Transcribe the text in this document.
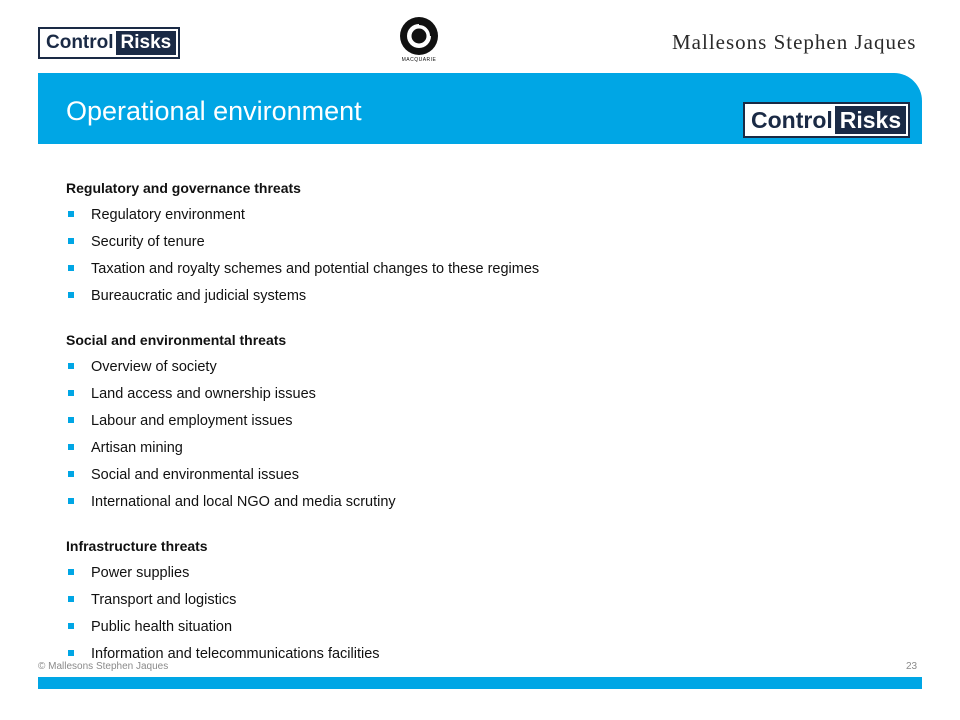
Control Risks
MACQUARIE
Mallesons Stephen Jaques
Operational environment	Control Risks
Regulatory and governance threats
Regulatory environment
Security of tenure
Taxation and royalty schemes and potential changes to these regimes
Bureaucratic and judicial systems
Social and environmental threats
Overview of society
Land access and ownership issues
Labour and employment issues
Artisan mining
Social and environmental issues
International and local NGO and media scrutiny
Infrastructure threats
Power supplies
Transport and logistics
Public health situation
Information and telecommunications facilities
© Mallesons Stephen Jaques	23
